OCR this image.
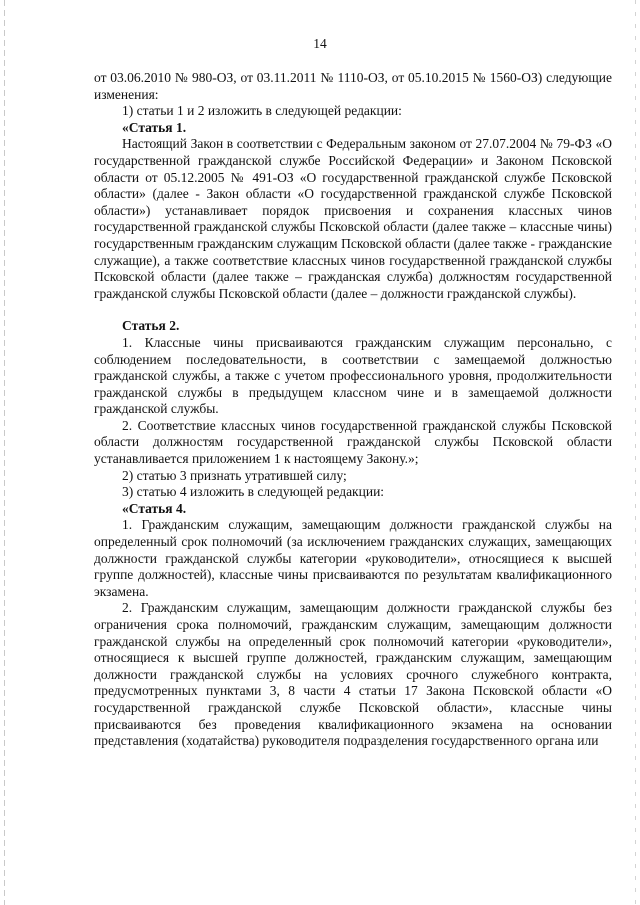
14

от 03.06.2010 № 980-ОЗ, от 03.11.2011 № 1110-ОЗ, от 05.10.2015 № 1560-ОЗ) следующие изменения:

1) статьи 1 и 2 изложить в следующей редакции:

«Статья 1.

Настоящий Закон в соответствии с Федеральным законом от 27.07.2004 № 79-ФЗ «О государственной гражданской службе Российской Федерации» и Законом Псковской области от 05.12.2005 № 491-ОЗ «О государственной гражданской службе Псковской области» (далее - Закон области «О государственной гражданской службе Псковской области») устанавливает порядок присвоения и сохранения классных чинов государственной гражданской службы Псковской области (далее также – классные чины) государственным гражданским служащим Псковской области (далее также - гражданские служащие), а также соответствие классных чинов государственной гражданской службы Псковской области (далее также – гражданская служба) должностям государственной гражданской службы Псковской области (далее – должности гражданской службы).

Статья 2.

1. Классные чины присваиваются гражданским служащим персонально, с соблюдением последовательности, в соответствии с замещаемой должностью гражданской службы, а также с учетом профессионального уровня, продолжительности гражданской службы в предыдущем классном чине и в замещаемой должности гражданской службы.

2. Соответствие классных чинов государственной гражданской службы Псковской области должностям государственной гражданской службы Псковской области устанавливается приложением 1 к настоящему Закону.»;

2) статью 3 признать утратившей силу;

3) статью 4 изложить в следующей редакции:

«Статья 4.

1. Гражданским служащим, замещающим должности гражданской службы на определенный срок полномочий (за исключением гражданских служащих, замещающих должности гражданской службы категории «руководители», относящиеся к высшей группе должностей), классные чины присваиваются по результатам квалификационного экзамена.

2. Гражданским служащим, замещающим должности гражданской службы без ограничения срока полномочий, гражданским служащим, замещающим должности гражданской службы на определенный срок полномочий категории «руководители», относящиеся к высшей группе должностей, гражданским служащим, замещающим должности гражданской службы на условиях срочного служебного контракта, предусмотренных пунктами 3, 8 части 4 статьи 17 Закона Псковской области «О государственной гражданской службе Псковской области», классные чины присваиваются без проведения квалификационного экзамена на основании представления (ходатайства) руководителя подразделения государственного органа или
